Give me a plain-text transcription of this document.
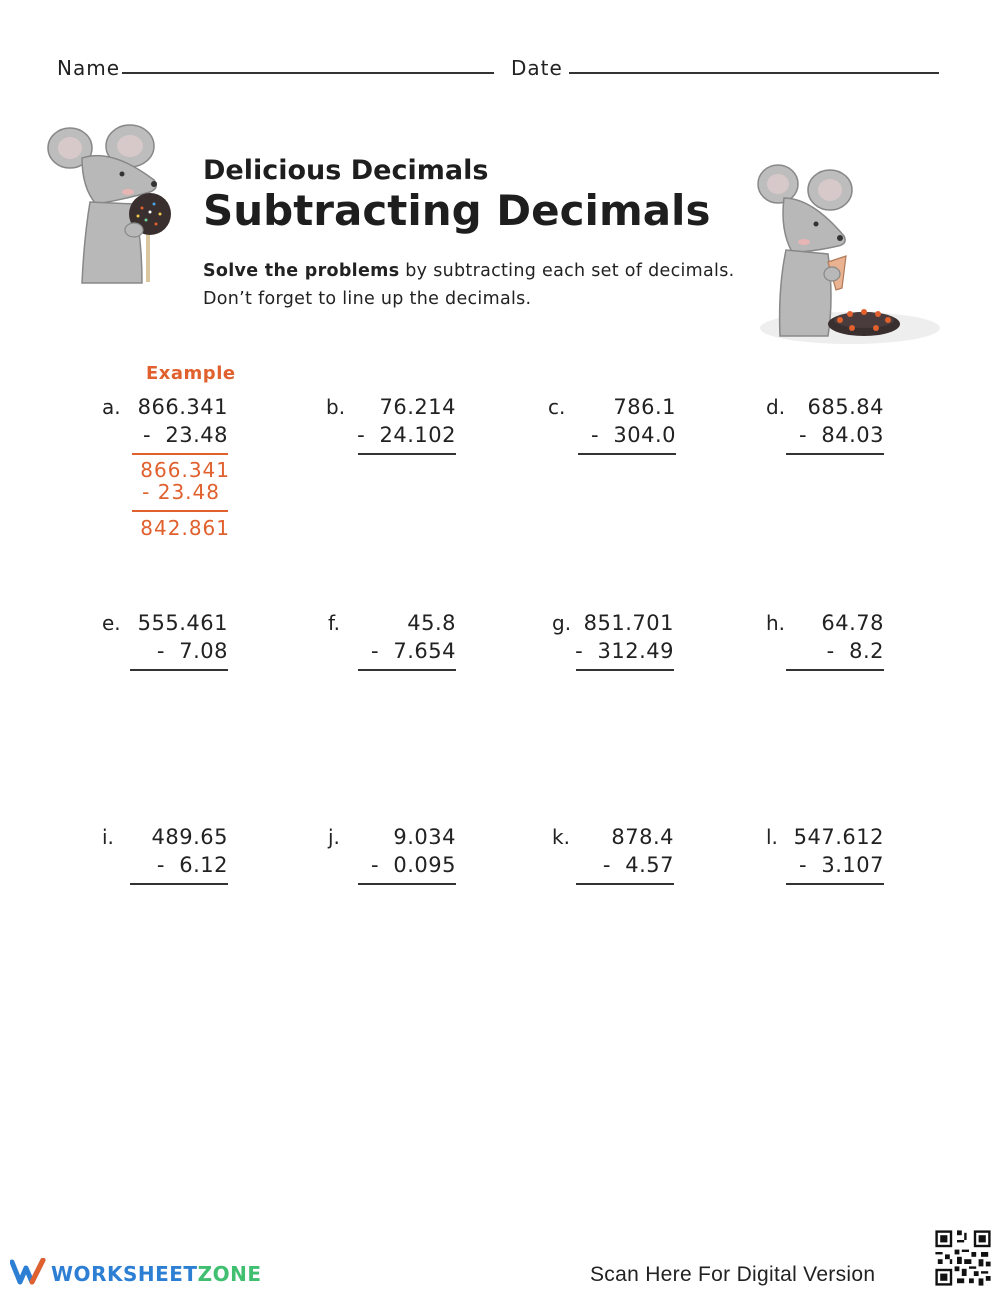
Name	Date
Delicious Decimals
Subtracting Decimals
Solve the problems by subtracting each set of decimals.
Don’t forget to line up the decimals.
Example
a. 866.341
-  23.48
b. 76.214
-  24.102
c. 786.1
-  304.0
d. 685.84
-  84.03
866.341
- 23.48
842.861
e. 555.461
-  7.08
f.	45.8
-  7.654
g. 851.701
-  312.49
h. 64.78
-  8.2
i. 489.65
-  6.12
j.	9.034
-  0.095
k. 878.4
-  4.57
l. 547.612
-  3.107
WORKSHEETZONE	Scan Here For Digital Version
